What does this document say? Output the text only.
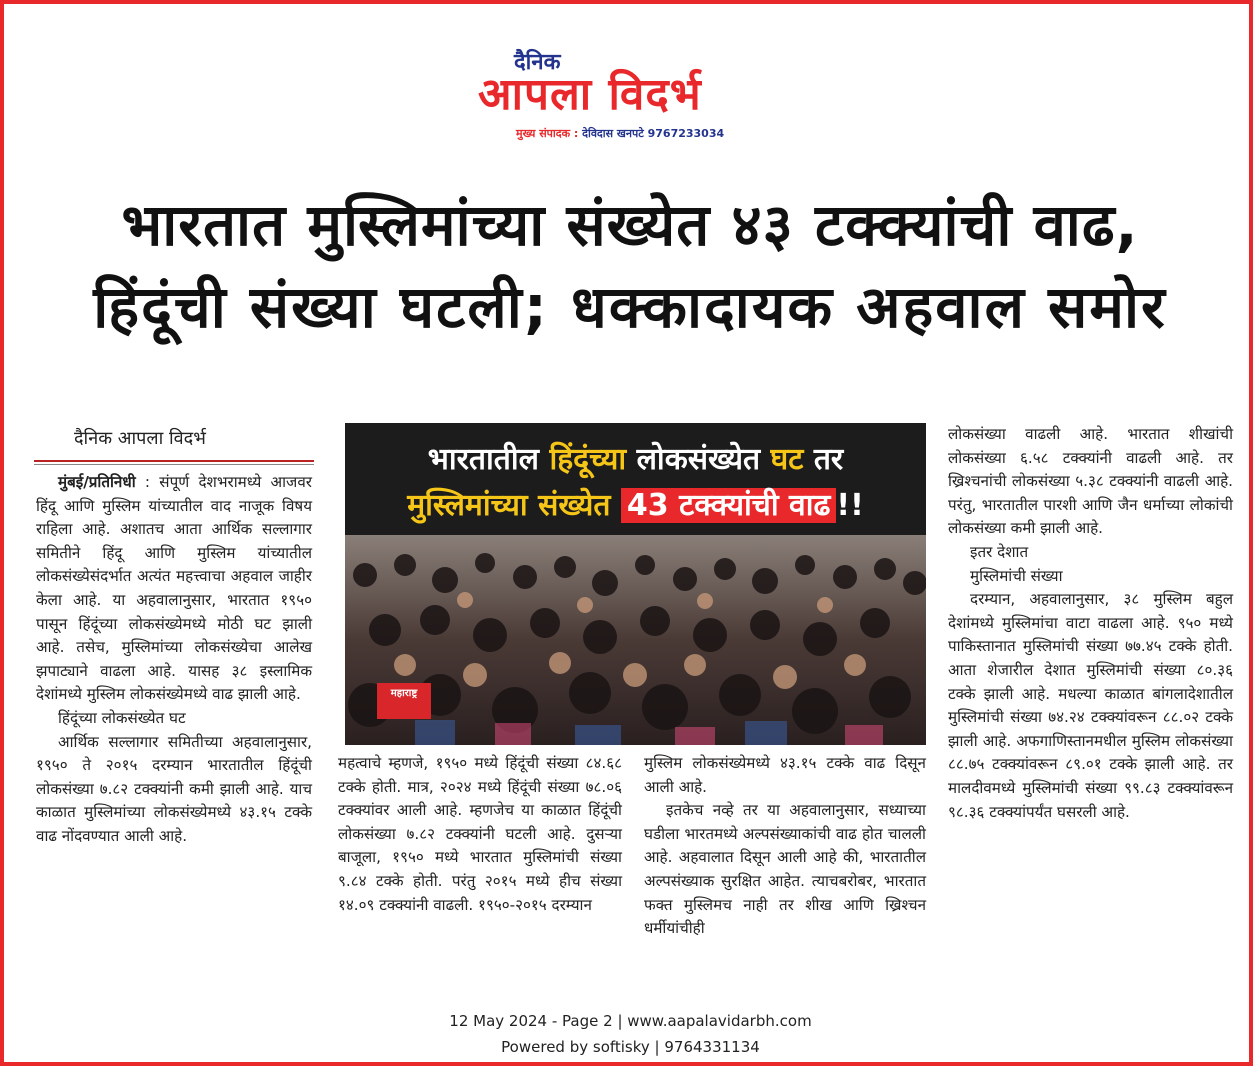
दैनिक
आपला विदर्भ
मुख्य संपादक : देविदास खनपटे 9767233034
भारतात मुस्लिमांच्या संख्येत ४३ टक्क्यांची वाढ,
हिंदूंची संख्या घटली; धक्कादायक अहवाल समोर
दैनिक आपला विदर्भ

मुंबई/प्रतिनिधी : संपूर्ण देशभरामध्ये आजवर हिंदू आणि मुस्लिम यांच्यातील वाद नाजूक विषय राहिला आहे. अशातच आता आर्थिक सल्लागार समितीने हिंदू आणि मुस्लिम यांच्यातील लोकसंख्येसंदर्भात अत्यंत महत्त्वाचा अहवाल जाहीर केला आहे. या अहवालानुसार, भारतात १९५० पासून हिंदूंच्या लोकसंख्येमध्ये मोठी घट झाली आहे. तसेच, मुस्लिमांच्या लोकसंख्येचा आलेख झपाट्याने वाढला आहे. यासह ३८ इस्लामिक देशांमध्ये मुस्लिम लोकसंख्येमध्ये वाढ झाली आहे.

हिंदूंच्या लोकसंख्येत घट

आर्थिक सल्लागार समितीच्या अहवालानुसार, १९५० ते २०१५ दरम्यान भारतातील हिंदूंची लोकसंख्या ७.८२ टक्क्यांनी कमी झाली आहे. याच काळात मुस्लिमांच्या लोकसंख्येमध्ये ४३.१५ टक्के वाढ नोंदवण्यात आली आहे.

भारतातील हिंदूंच्या लोकसंख्येत घट तर
मुस्लिमांच्या संख्येत 43 टक्क्यांची वाढ !!
महाराष्ट्र

महत्वाचे म्हणजे, १९५० मध्ये हिंदूंची संख्या ८४.६८ टक्के होती. मात्र, २०२४ मध्ये हिंदूंची संख्या ७८.०६ टक्क्यांवर आली आहे. म्हणजेच या काळात हिंदूंची लोकसंख्या ७.८२ टक्क्यांनी घटली आहे. दुसऱ्या बाजूला, १९५० मध्ये भारतात मुस्लिमांची संख्या ९.८४ टक्के होती. परंतु २०१५ मध्ये हीच संख्या १४.०९ टक्क्यांनी वाढली. १९५०-२०१५ दरम्यान

मुस्लिम लोकसंख्येमध्ये ४३.१५ टक्के वाढ दिसून आली आहे.

इतकेच नव्हे तर या अहवालानुसार, सध्याच्या घडीला भारतमध्ये अल्पसंख्याकांची वाढ होत चालली आहे. अहवालात दिसून आली आहे की, भारतातील अल्पसंख्याक सुरक्षित आहेत. त्याचबरोबर, भारतात फक्त मुस्लिमच नाही तर शीख आणि ख्रिश्चन धर्मीयांचीही

लोकसंख्या वाढली आहे. भारतात शीखांची लोकसंख्या ६.५८ टक्क्यांनी वाढली आहे. तर ख्रिश्चनांची लोकसंख्या ५.३८ टक्क्यांनी वाढली आहे. परंतु, भारतातील पारशी आणि जैन धर्माच्या लोकांची लोकसंख्या कमी झाली आहे.

इतर देशात

मुस्लिमांची संख्या

दरम्यान, अहवालानुसार, ३८ मुस्लिम बहुल देशांमध्ये मुस्लिमांचा वाटा वाढला आहे. ९५० मध्ये पाकिस्तानात मुस्लिमांची संख्या ७७.४५ टक्के होती. आता शेजारील देशात मुस्लिमांची संख्या ८०.३६ टक्के झाली आहे. मधल्या काळात बांगलादेशातील मुस्लिमांची संख्या ७४.२४ टक्क्यांवरून ८८.०२ टक्के झाली आहे. अफगाणिस्तानमधील मुस्लिम लोकसंख्या ८८.७५ टक्क्यांवरून ८९.०१ टक्के झाली आहे. तर मालदीवमध्ये मुस्लिमांची संख्या ९९.८३ टक्क्यांवरून ९८.३६ टक्क्यांपर्यंत घसरली आहे.

12 May 2024 - Page 2 | www.aapalavidarbh.com
Powered by softisky | 9764331134
